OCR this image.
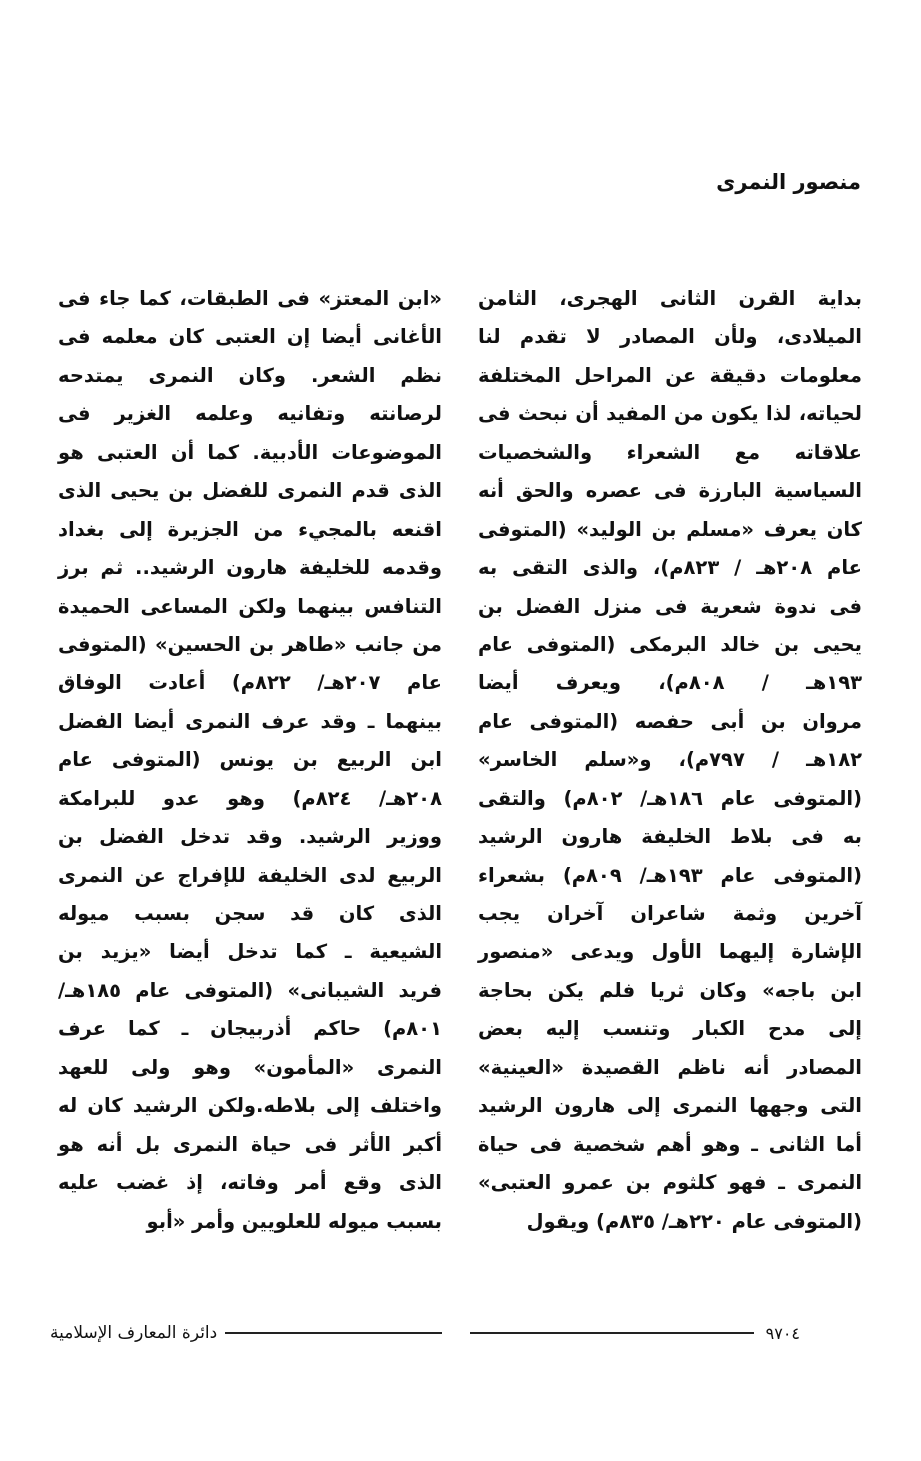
منصور النمرى
بداية القرن الثانى الهجرى، الثامن
الميلادى، ولأن المصادر لا تقدم لنا
معلومات دقيقة عن المراحل المختلفة
لحياته، لذا يكون من المفيد أن نبحث فى
علاقاته مع الشعراء والشخصيات
السياسية البارزة فى عصره والحق أنه
كان يعرف «مسلم بن الوليد» (المتوفى
عام ٢٠٨هـ / ٨٢٣م)، والذى التقى به
فى ندوة شعرية فى منزل الفضل بن
يحيى بن خالد البرمكى (المتوفى عام
١٩٣هـ / ٨٠٨م)، ويعرف أيضا
مروان بن أبى حفصه (المتوفى عام
١٨٢هـ / ٧٩٧م)، و«سلم الخاسر»
(المتوفى عام ١٨٦هـ/ ٨٠٢م) والتقى
به فى بلاط الخليفة هارون الرشيد
(المتوفى عام ١٩٣هـ/ ٨٠٩م) بشعراء
آخرين وثمة شاعران آخران يجب
الإشارة إليهما الأول ويدعى «منصور
ابن باجه» وكان ثريا فلم يكن بحاجة
إلى مدح الكبار وتنسب إليه بعض
المصادر أنه ناظم القصيدة «العينية»
التى وجهها النمرى إلى هارون الرشيد
أما الثانى ـ وهو أهم شخصية فى حياة
النمرى ـ فهو كلثوم بن عمرو العتبى»
(المتوفى عام ٢٢٠هـ/ ٨٣٥م) ويقول
«ابن المعتز» فى الطبقات، كما جاء فى
الأغانى أيضا إن العتبى كان معلمه فى
نظم الشعر. وكان النمرى يمتدحه
لرصانته وتفانيه وعلمه الغزير فى
الموضوعات الأدبية. كما أن العتبى هو
الذى قدم النمرى للفضل بن يحيى الذى
اقنعه بالمجيء من الجزيرة إلى بغداد
وقدمه للخليفة هارون الرشيد.. ثم برز
التنافس بينهما ولكن المساعى الحميدة
من جانب «طاهر بن الحسين» (المتوفى
عام ٢٠٧هـ/ ٨٢٢م) أعادت الوفاق
بينهما ـ وقد عرف النمرى أيضا الفضل
ابن الربيع بن يونس (المتوفى عام
٢٠٨هـ/ ٨٢٤م) وهو عدو للبرامكة
ووزير الرشيد. وقد تدخل الفضل بن
الربيع لدى الخليفة للإفراج عن النمرى
الذى كان قد سجن بسبب ميوله
الشيعية ـ كما تدخل أيضا «يزيد بن
فريد الشيبانى» (المتوفى عام ١٨٥هـ/
٨٠١م) حاكم أذربيجان ـ كما عرف
النمرى «المأمون» وهو ولى للعهد
واختلف إلى بلاطه.ولكن الرشيد كان له
أكبر الأثر فى حياة النمرى بل أنه هو
الذى وقع أمر وفاته، إذ غضب عليه
بسبب ميوله للعلويين وأمر «أبو
٩٧٠٤
دائرة المعارف الإسلامية
